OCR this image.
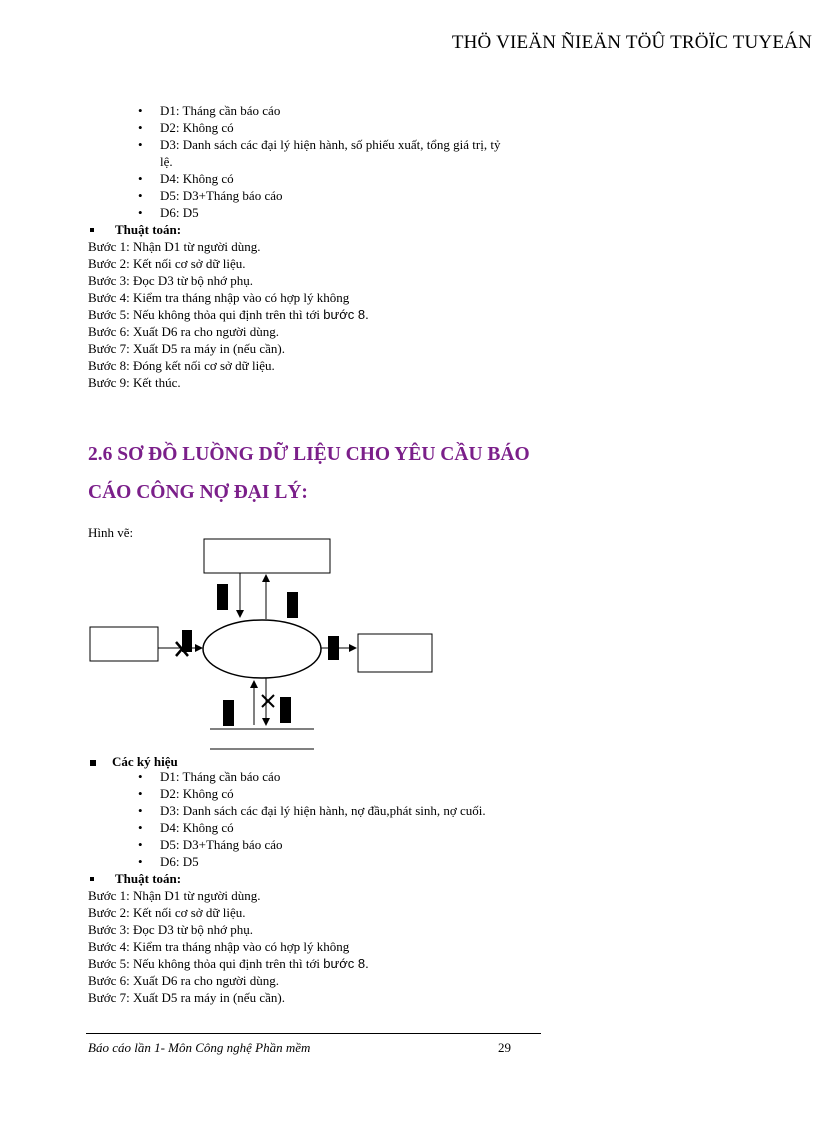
THÖ VIEÄN ÑIEÄN TÖÛ TRÖÏC TUYEÁN
• D1: Tháng cần báo cáo
• D2: Không có
• D3: Danh sách các đại lý hiện hành, số phiếu xuất, tổng giá trị, tỷ
lệ.
• D4: Không có
• D5: D3+Tháng báo cáo
• D6: D5
Thuật toán:
Bước 1: Nhận D1 từ người dùng.
Bước 2: Kết nối cơ sở dữ liệu.
Bước 3: Đọc D3 từ bộ nhớ phụ.
Bước 4: Kiểm tra tháng nhập vào có hợp lý không
Bước 5: Nếu không thỏa qui định trên thì tới bước 8.
Bước 6: Xuất D6 ra cho người dùng.
Bước 7: Xuất D5 ra máy in (nếu cần).
Bước 8: Đóng kết nối cơ sở dữ liệu.
Bước 9: Kết thúc.
2.6 SƠ ĐỒ LUỒNG DỮ LIỆU CHO YÊU CẦU BÁO
CÁO CÔNG NỢ ĐẠI LÝ:
Hình vẽ:
Các ký hiệu
• D1: Tháng cần báo cáo
• D2: Không có
• D3: Danh sách các đại lý hiện hành, nợ đầu,phát sinh, nợ cuối.
• D4: Không có
• D5: D3+Tháng báo cáo
• D6: D5
Thuật toán:
Bước 1: Nhận D1 từ người dùng.
Bước 2: Kết nối cơ sở dữ liệu.
Bước 3: Đọc D3 từ bộ nhớ phụ.
Bước 4: Kiểm tra tháng nhập vào có hợp lý không
Bước 5: Nếu không thỏa qui định trên thì tới bước 8.
Bước 6: Xuất D6 ra cho người dùng.
Bước 7: Xuất D5 ra máy in (nếu cần).
Báo cáo lần 1- Môn Công nghệ Phần mềm	29
